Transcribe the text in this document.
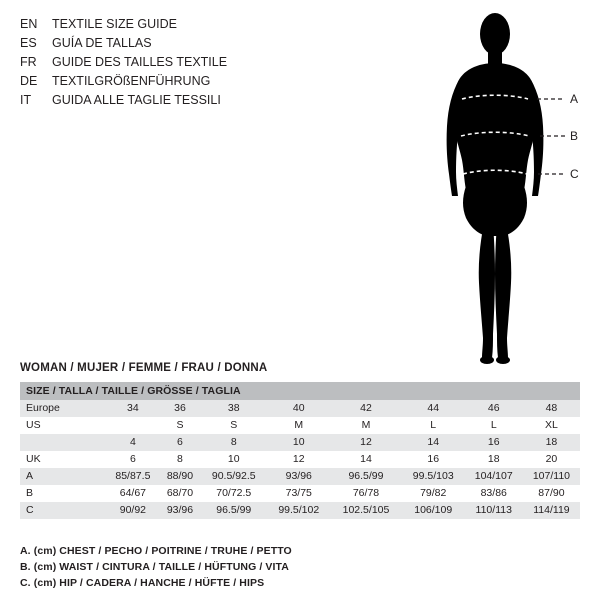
EN	TEXTILE SIZE GUIDE
ES	GUÍA DE TALLAS
FR	GUIDE DES TAILLES TEXTILE
DE	TEXTILGRÖßENFÜHRUNG
IT	GUIDA ALLE TAGLIE TESSILI	A
B
C
WOMAN / MUJER / FEMME / FRAU / DONNA
SIZE / TALLA / TAILLE / GRÖSSE / TAGLIA								
Europe	34	36	38	40	42	44	46	48
US		S	S	M	M	L	L	XL
	4	6	8	10	12	14	16	18
UK	6	8	10	12	14	16	18	20
A	85/87.5	88/90	90.5/92.5	93/96	96.5/99	99.5/103	104/107	107/110
B	64/67	68/70	70/72.5	73/75	76/78	79/82	83/86	87/90
C	90/92	93/96	96.5/99	99.5/102	102.5/105	106/109	110/113	114/119
A. (cm) CHEST / PECHO / POITRINE / TRUHE / PETTO
B. (cm) WAIST / CINTURA / TAILLE / HÜFTUNG / VITA
C. (cm) HIP / CADERA / HANCHE / HÜFTE / HIPS
